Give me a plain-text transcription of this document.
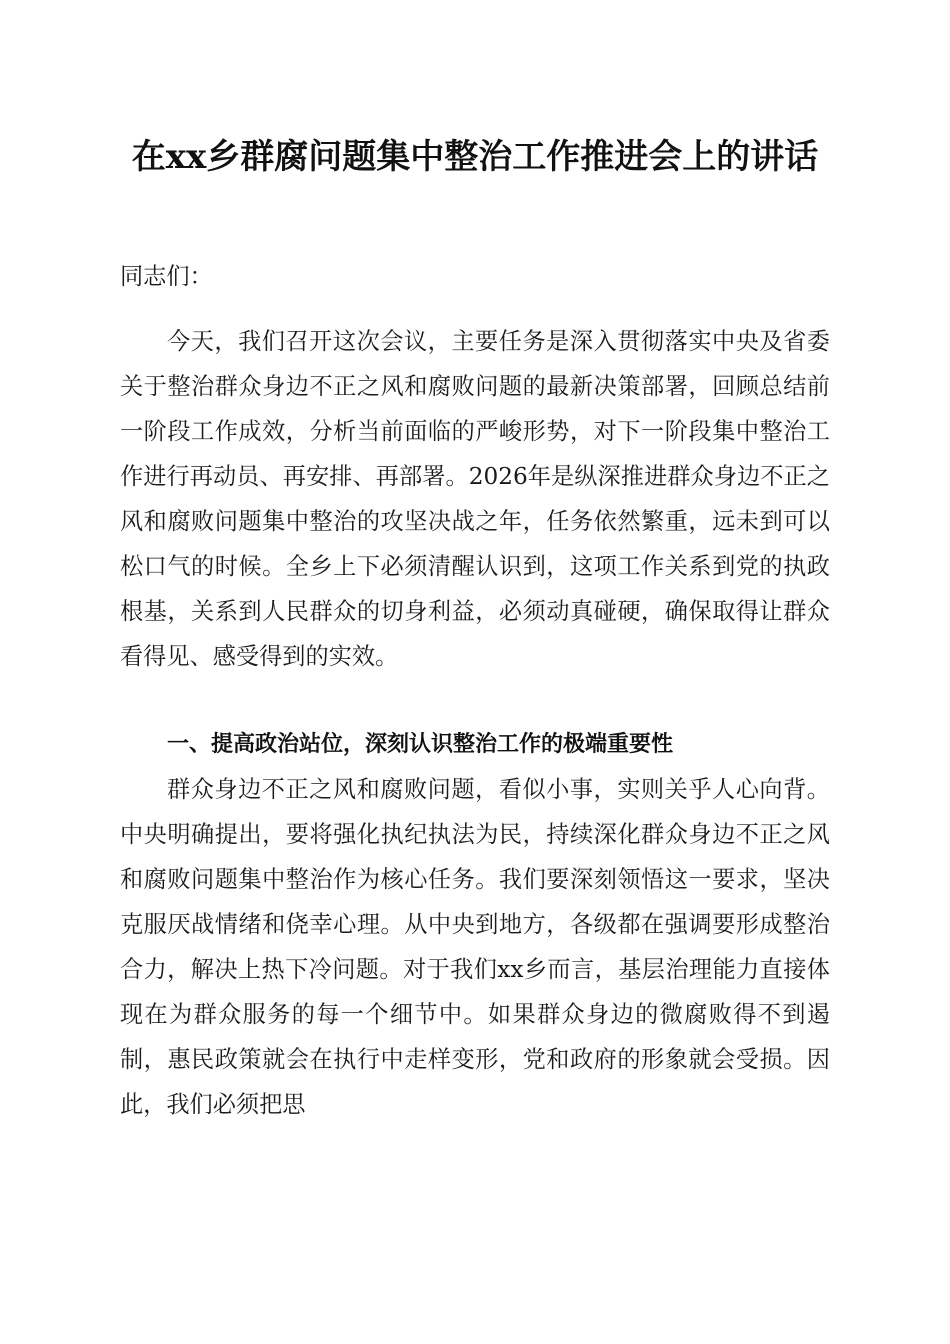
在xx乡群腐问题集中整治工作推进会上的讲话

同志们：

今天，我们召开这次会议，主要任务是深入贯彻落实中央及省委关于整治群众身边不正之风和腐败问题的最新决策部署，回顾总结前一阶段工作成效，分析当前面临的严峻形势，对下一阶段集中整治工作进行再动员、再安排、再部署。2026年是纵深推进群众身边不正之风和腐败问题集中整治的攻坚决战之年，任务依然繁重，远未到可以松口气的时候。全乡上下必须清醒认识到，这项工作关系到党的执政根基，关系到人民群众的切身利益，必须动真碰硬，确保取得让群众看得见、感受得到的实效。

一、提高政治站位，深刻认识整治工作的极端重要性

群众身边不正之风和腐败问题，看似小事，实则关乎人心向背。中央明确提出，要将强化执纪执法为民，持续深化群众身边不正之风和腐败问题集中整治作为核心任务。我们要深刻领悟这一要求，坚决克服厌战情绪和侥幸心理。从中央到地方，各级都在强调要形成整治合力，解决上热下冷问题。对于我们xx乡而言，基层治理能力直接体现在为群众服务的每一个细节中。如果群众身边的微腐败得不到遏制，惠民政策就会在执行中走样变形，党和政府的形象就会受损。因此，我们必须把思
